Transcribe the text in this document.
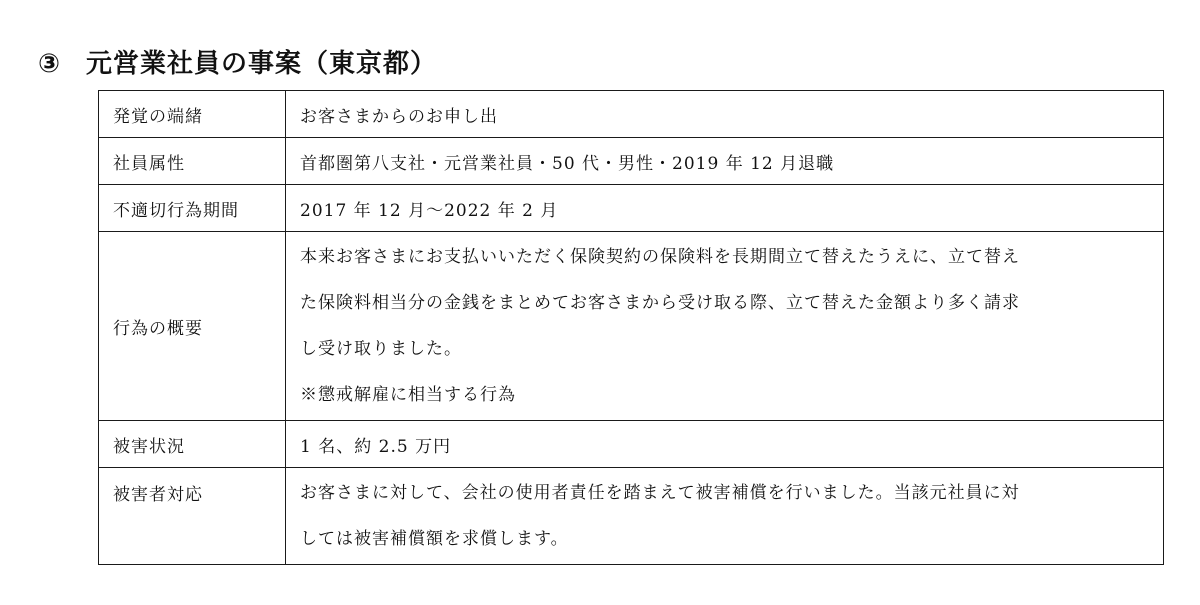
③ 元営業社員の事案（東京都）
発覚の端緒	お客さまからのお申し出
社員属性	首都圏第八支社・元営業社員・50 代・男性・2019 年 12 月退職
不適切行為期間	2017 年 12 月～2022 年 2 月
行為の概要	本来お客さまにお支払いいただく保険契約の保険料を長期間立て替えたうえに、立て替え
た保険料相当分の金銭をまとめてお客さまから受け取る際、立て替えた金額より多く請求
し受け取りました。
※懲戒解雇に相当する行為

被害状況	1 名、約 2.5 万円
被害者対応	お客さまに対して、会社の使用者責任を踏まえて被害補償を行いました。当該元社員に対
しては被害補償額を求償します。
